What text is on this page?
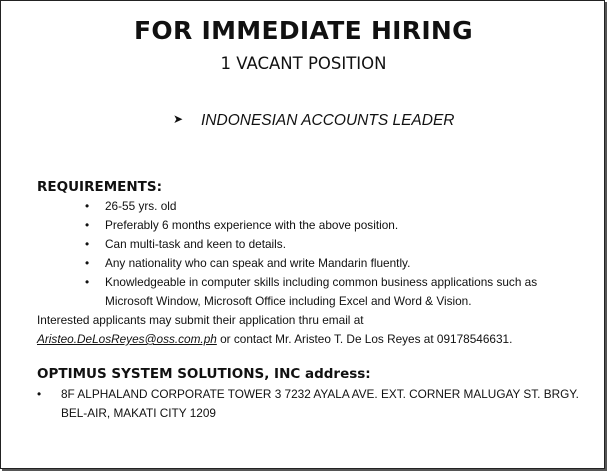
FOR IMMEDIATE HIRING
1 VACANT POSITION
➤ INDONESIAN ACCOUNTS LEADER
REQUIREMENTS:
• 26-55 yrs. old
• Preferably 6 months experience with the above position.
• Can multi-task and keen to details.
• Any nationality who can speak and write Mandarin fluently.
• Knowledgeable in computer skills including common business applications such as Microsoft Window, Microsoft Office including Excel and Word & Vision.
Interested applicants may submit their application thru email at
Aristeo.DeLosReyes@oss.com.ph or contact Mr. Aristeo T. De Los Reyes at 09178546631.
OPTIMUS SYSTEM SOLUTIONS, INC address:
• 8F ALPHALAND CORPORATE TOWER 3 7232 AYALA AVE. EXT. CORNER MALUGAY ST. BRGY. BEL-AIR, MAKATI CITY 1209
